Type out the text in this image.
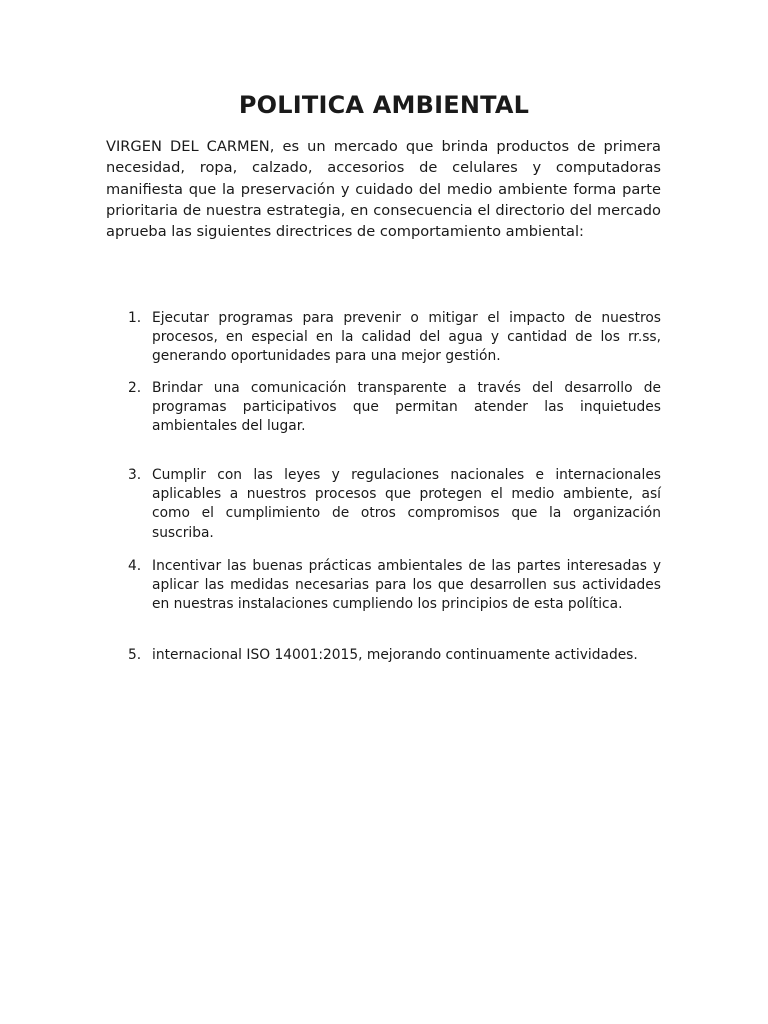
POLITICA AMBIENTAL

VIRGEN DEL CARMEN, es un mercado que brinda productos de primera necesidad, ropa, calzado, accesorios de celulares y computadoras manifiesta que la preservación y cuidado del medio ambiente forma parte prioritaria de nuestra estrategia, en consecuencia el directorio del mercado aprueba las siguientes directrices de comportamiento ambiental:

1. Ejecutar programas para prevenir o mitigar el impacto de nuestros procesos, en especial en la calidad del agua y cantidad de los rr.ss, generando oportunidades para una mejor gestión.
2. Brindar una comunicación transparente a través del desarrollo de programas participativos que permitan atender las inquietudes ambientales del lugar.
3. Cumplir con las leyes y regulaciones nacionales e internacionales aplicables a nuestros procesos que protegen el medio ambiente, así como el cumplimiento de otros compromisos que la organización suscriba.
4. Incentivar las buenas prácticas ambientales de las partes interesadas y aplicar las medidas necesarias para los que desarrollen sus actividades en nuestras instalaciones cumpliendo los principios de esta política.
5. internacional ISO 14001:2015, mejorando continuamente actividades.
